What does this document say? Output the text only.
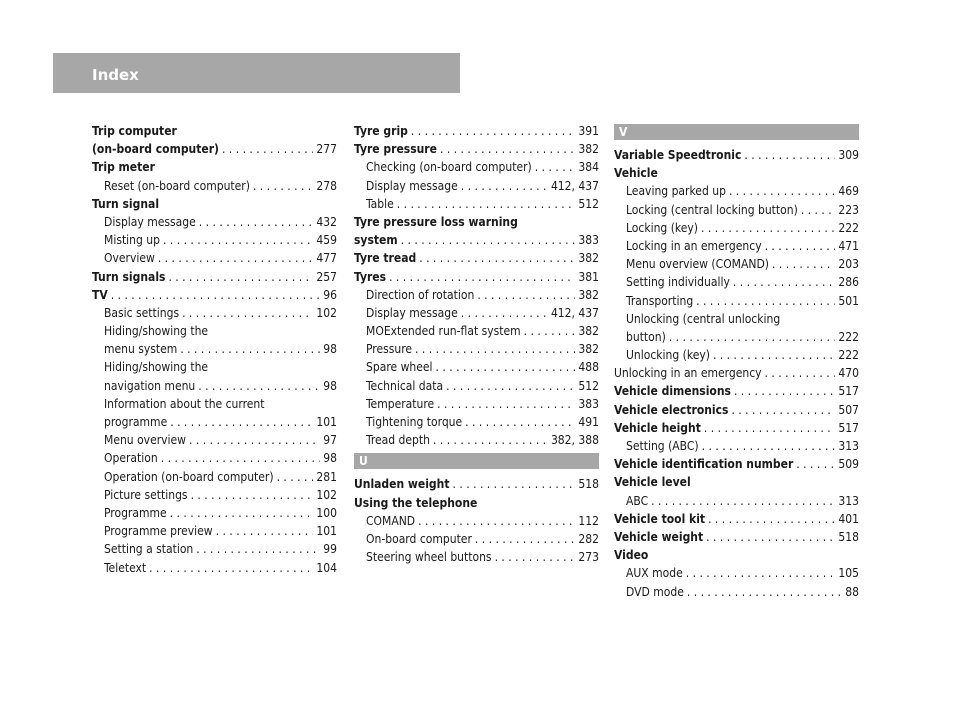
Index
Trip computer
(on-board computer) . . .	277
Trip meter
Reset (on-board computer) . . .	278
Turn signal
Display message . . .	432
Misting up . . .	459
Overview . . .	477
Turn signals . . .	257
TV . . .	96
Basic settings . . .	102
Hiding/showing the
menu system . . .	98
Hiding/showing the
navigation menu . . .	98
Information about the current
programme . . .	101
Menu overview . . .	97
Operation . . .	98
Operation (on-board computer) . . .	281
Picture settings . . .	102
Programme . . .	100
Programme preview . . .	101
Setting a station . . .	99
Teletext . . .	104
Tyre grip . . .	391
Tyre pressure . . .	382
Checking (on-board computer) . . .	384
Display message . . .	412, 437
Table . . .	512
Tyre pressure loss warning
system . . .	383
Tyre tread . . .	382
Tyres . . .	381
Direction of rotation . . .	382
Display message . . .	412, 437
MOExtended run-flat system . . .	382
Pressure . . .	382
Spare wheel . . .	488
Technical data . . .	512
Temperature . . .	383
Tightening torque . . .	491
Tread depth . . .	382, 388
U
Unladen weight . . .	518
Using the telephone
COMAND . . .	112
On-board computer . . .	282
Steering wheel buttons . . .	273
V
Variable Speedtronic . . .	309
Vehicle
Leaving parked up . . .	469
Locking (central locking button) . . .	223
Locking (key) . . .	222
Locking in an emergency . . .	471
Menu overview (COMAND) . . .	203
Setting individually . . .	286
Transporting . . .	501
Unlocking (central unlocking
button) . . .	222
Unlocking (key) . . .	222
Unlocking in an emergency . . .	470
Vehicle dimensions . . .	517
Vehicle electronics . . .	507
Vehicle height . . .	517
Setting (ABC) . . .	313
Vehicle identification number . . .	509
Vehicle level
ABC . . .	313
Vehicle tool kit . . .	401
Vehicle weight . . .	518
Video
AUX mode . . .	105
DVD mode . . .	88
